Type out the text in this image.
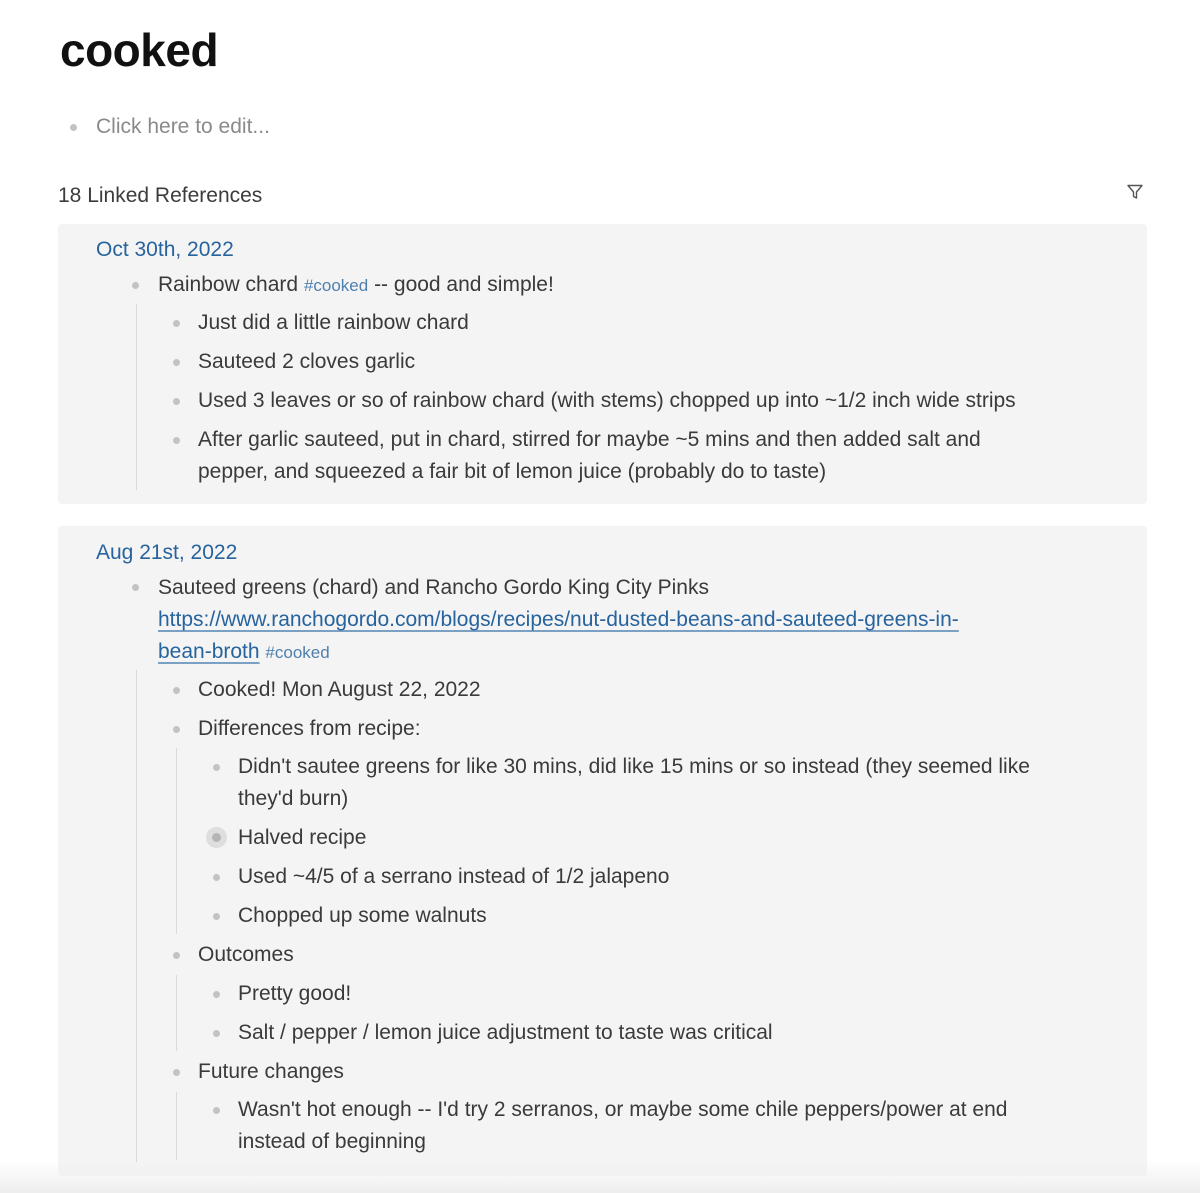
cooked
Click here to edit...
18 Linked References
Oct 30th, 2022
Rainbow chard #cooked -- good and simple!
Just did a little rainbow chard
Sauteed 2 cloves garlic
Used 3 leaves or so of rainbow chard (with stems) chopped up into ~1/2 inch wide strips
After garlic sauteed, put in chard, stirred for maybe ~5 mins and then added salt and
pepper, and squeezed a fair bit of lemon juice (probably do to taste)
Aug 21st, 2022
Sauteed greens (chard) and Rancho Gordo King City Pinks
https://www.ranchogordo.com/blogs/recipes/nut-dusted-beans-and-sauteed-greens-in-
bean-broth #cooked
Cooked! Mon August 22, 2022
Differences from recipe:
Didn't sautee greens for like 30 mins, did like 15 mins or so instead (they seemed like
they'd burn)
Halved recipe
Used ~4/5 of a serrano instead of 1/2 jalapeno
Chopped up some walnuts
Outcomes
Pretty good!
Salt / pepper / lemon juice adjustment to taste was critical
Future changes
Wasn't hot enough -- I'd try 2 serranos, or maybe some chile peppers/power at end
instead of beginning
